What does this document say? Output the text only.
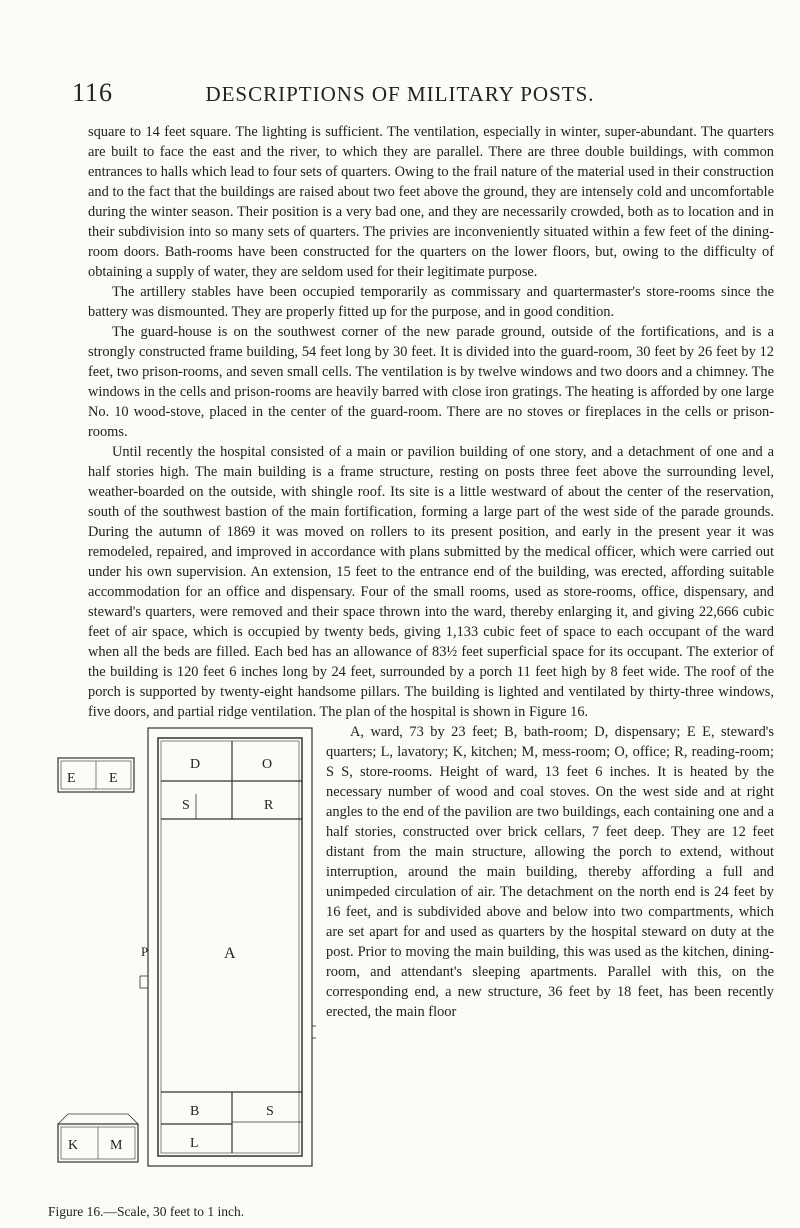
116	DESCRIPTIONS OF MILITARY POSTS.

square to 14 feet square. The lighting is sufficient. The ventilation, especially in winter, super-abundant. The quarters are built to face the east and the river, to which they are parallel. There are three double buildings, with common entrances to halls which lead to four sets of quarters. Owing to the frail nature of the material used in their construction and to the fact that the buildings are raised about two feet above the ground, they are intensely cold and uncomfortable during the winter season. Their position is a very bad one, and they are necessarily crowded, both as to location and in their subdivision into so many sets of quarters. The privies are inconveniently situated within a few feet of the dining-room doors. Bath-rooms have been constructed for the quarters on the lower floors, but, owing to the difficulty of obtaining a supply of water, they are seldom used for their legitimate purpose.

The artillery stables have been occupied temporarily as commissary and quartermaster's store-rooms since the battery was dismounted. They are properly fitted up for the purpose, and in good condition.

The guard-house is on the southwest corner of the new parade ground, outside of the fortifications, and is a strongly constructed frame building, 54 feet long by 30 feet. It is divided into the guard-room, 30 feet by 26 feet by 12 feet, two prison-rooms, and seven small cells. The ventilation is by twelve windows and two doors and a chimney. The windows in the cells and prison-rooms are heavily barred with close iron gratings. The heating is afforded by one large No. 10 wood-stove, placed in the center of the guard-room. There are no stoves or fireplaces in the cells or prison-rooms.

Until recently the hospital consisted of a main or pavilion building of one story, and a detachment of one and a half stories high. The main building is a frame structure, resting on posts three feet above the surrounding level, weather-boarded on the outside, with shingle roof. Its site is a little westward of about the center of the reservation, south of the southwest bastion of the main fortification, forming a large part of the west side of the parade grounds. During the autumn of 1869 it was moved on rollers to its present position, and early in the present year it was remodeled, repaired, and improved in accordance with plans submitted by the medical officer, which were carried out under his own supervision. An extension, 15 feet to the entrance end of the building, was erected, affording suitable accommodation for an office and dispensary. Four of the small rooms, used as store-rooms, office, dispensary, and steward's quarters, were removed and their space thrown into the ward, thereby enlarging it, and giving 22,666 cubic feet of air space, which is occupied by twenty beds, giving 1,133 cubic feet of space to each occupant of the ward when all the beds are filled. Each bed has an allowance of 83½ feet superficial space for its occupant. The exterior of the building is 120 feet 6 inches long by 24 feet, surrounded by a porch 11 feet high by 8 feet wide. The roof of the porch is supported by twenty-eight handsome pillars. The building is lighted and ventilated by thirty-three windows, five doors, and partial ridge ventilation. The plan of the hospital is shown in Figure 16.

E E
D	O
S	R
P	A
K M
B	S
L
Figure 16.—Scale, 30 feet to 1 inch.

A, ward, 73 by 23 feet; B, bath-room; D, dispensary; E E, steward's quarters; L, lavatory; K, kitchen; M, mess-room; O, office; R, reading-room; S S, store-rooms. Height of ward, 13 feet 6 inches. It is heated by the necessary number of wood and coal stoves. On the west side and at right angles to the end of the pavilion are two buildings, each containing one and a half stories, constructed over brick cellars, 7 feet deep. They are 12 feet distant from the main structure, allowing the porch to extend, without interruption, around the main building, thereby affording a full and unimpeded circulation of air. The detachment on the north end is 24 feet by 16 feet, and is subdivided above and below into two compartments, which are set apart for and used as quarters by the hospital steward on duty at the post. Prior to moving the main building, this was used as the kitchen, dining-room, and attendant's sleeping apartments. Parallel with this, on the corresponding end, a new structure, 36 feet by 18 feet, has been recently erected, the main floor
